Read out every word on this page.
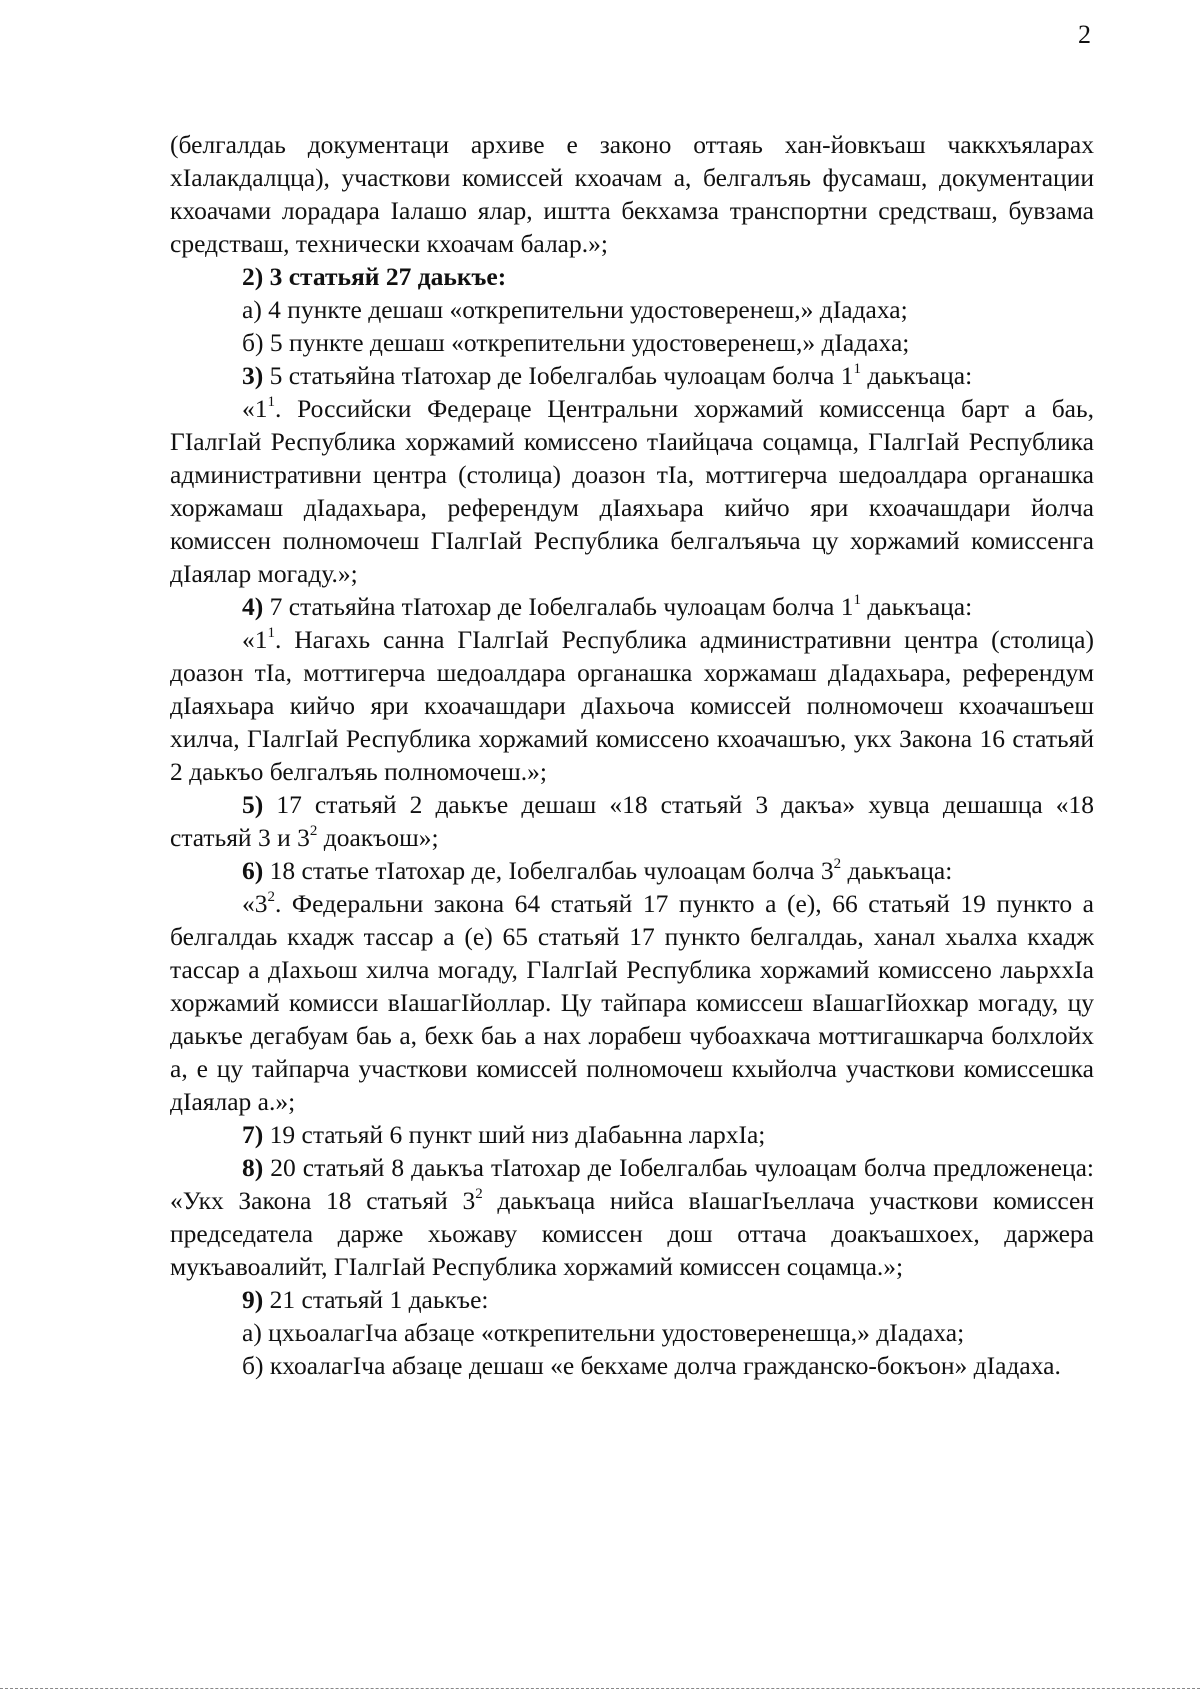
2

(белгалдаь документаци архиве е законо оттаяь хан-йовкъаш чаккхъяларах хIалакдалцца), участкови комиссей кхоачам а, белгалъяь фусамаш, документации кхоачами лорадара Iалашо ялар, иштта бекхамза транспортни средстваш, бувзама средстваш, технически кхоачам балар.»;

2) 3 статьяй 27 даькъе:

а) 4 пункте дешаш «открепительни удостоверенеш,» дIадаха;

б) 5 пункте дешаш «открепительни удостоверенеш,» дIадаха;

3) 5 статьяйна тIатохар де Iобелгалбаь чулоацам болча $1^1$ даькъаца:

«$1^1$. Российски Федераце Центральни хоржамий комиссенца барт а баь, ГIалгIай Республика хоржамий комиссено тIаийцача соцамца, ГIалгIай Республика административни центра (столица) доазон тIа, моттигерча шедоалдара органашка хоржамаш дIадахьара, референдум дIаяхьара кийчо яри кхоачашдари йолча комиссен полномочеш ГIалгIай Республика белгалъяьча цу хоржамий комиссенга дIаялар могаду.»;

4) 7 статьяйна тIатохар де Iобелгалабь чулоацам болча $1^1$ даькъаца:

«$1^1$. Нагахь санна ГIалгIай Республика административни центра (столица) доазон тIа, моттигерча шедоалдара органашка хоржамаш дIадахьара, референдум дIаяхьара кийчо яри кхоачашдари дIахьоча комиссей полномочеш кхоачашъеш хилча, ГIалгIай Республика хоржамий комиссено кхоачашъю, укх Закона 16 статьяй 2 даькъо белгалъяь полномочеш.»;

5) 17 статьяй 2 даькъе дешаш «18 статьяй 3 дакъа» хувца дешашца «18 статьяй 3 и $3^2$ доакъош»;

6) 18 статье тIатохар де, Iобелгалбаь чулоацам болча $3^2$ даькъаца:

«$3^2$. Федеральни закона 64 статьяй 17 пункто а (е), 66 статьяй 19 пункто а белгалдаь кхадж тассар а (е) 65 статьяй 17 пункто белгалдаь, ханал хьалха кхадж тассар а дIахьош хилча могаду, ГIалгIай Республика хоржамий комиссено лаьрххIа хоржамий комисси вIашагIйоллар. Цу тайпара комиссеш вIашагIйохкар могаду, цу даькъе дегабуам баь а, бехк баь а нах лорабеш чубоахкача моттигашкарча болхлойх а, е цу тайпарча участкови комиссей полномочеш кхыйолча участкови комиссешка дIаялар а.»;

7) 19 статьяй 6 пункт ший низ дIабаьнна лархIа;

8) 20 статьяй 8 даькъа тIатохар де Iобелгалбаь чулоацам болча предложенеца: «Укх Закона 18 статьяй $3^2$ даькъаца нийса вIашагIъеллача участкови комиссен председатела дарже хьожаву комиссен дош оттача доакъашхоех, даржера мукъавоалийт, ГIалгIай Республика хоржамий комиссен соцамца.»;

9) 21 статьяй 1 даькъе:

а) цхьоалагIча абзаце «открепительни удостоверенешца,» дIадаха;

б) кхоалагIча абзаце дешаш «е бекхаме долча гражданско-бокъон» дIадаха.
